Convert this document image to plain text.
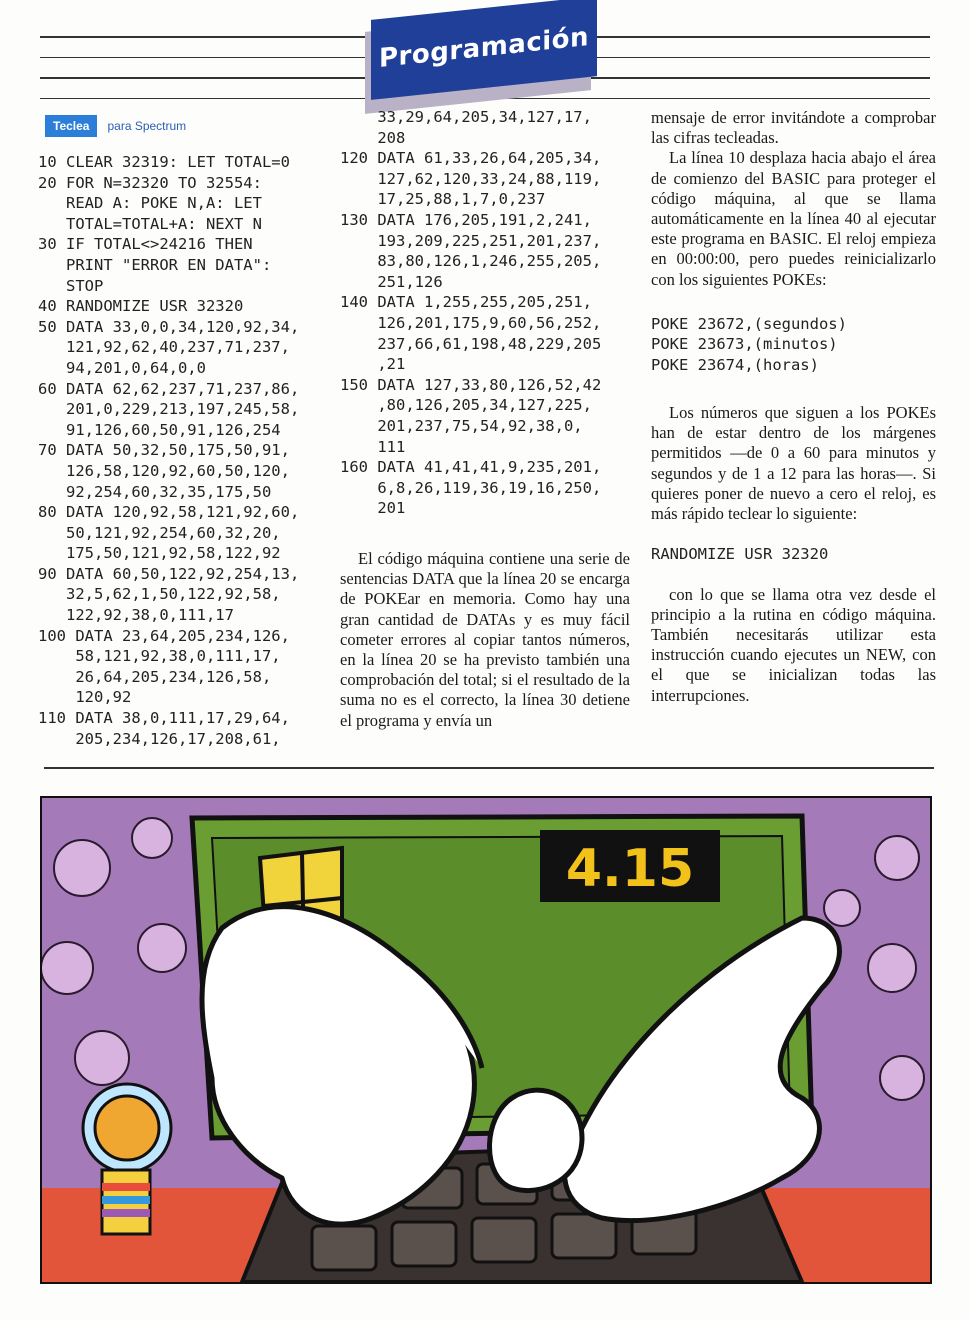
Programación
Teclea	para Spectrum
10 CLEAR 32319: LET TOTAL=0
20 FOR N=32320 TO 32554:
READ A: POKE N,A: LET
TOTAL=TOTAL+A: NEXT N
30 IF TOTAL<>24216 THEN
PRINT "ERROR EN DATA":
STOP
40 RANDOMIZE USR 32320
50 DATA 33,0,0,34,120,92,34,
121,92,62,40,237,71,237,
94,201,0,64,0,0
60 DATA 62,62,237,71,237,86,
201,0,229,213,197,245,58,
91,126,60,50,91,126,254
70 DATA 50,32,50,175,50,91,
126,58,120,92,60,50,120,
92,254,60,32,35,175,50
80 DATA 120,92,58,121,92,60,
50,121,92,254,60,32,20,
175,50,121,92,58,122,92
90 DATA 60,50,122,92,254,13,
32,5,62,1,50,122,92,58,
122,92,38,0,111,17
100 DATA 23,64,205,234,126,
58,121,92,38,0,111,17,
26,64,205,234,126,58,
120,92
110 DATA 38,0,111,17,29,64,
205,234,126,17,208,61,
33,29,64,205,34,127,17,
208
120 DATA 61,33,26,64,205,34,
127,62,120,33,24,88,119,
17,25,88,1,7,0,237
130 DATA 176,205,191,2,241,
193,209,225,251,201,237,
83,80,126,1,246,255,205,
251,126
140 DATA 1,255,255,205,251,
126,201,175,9,60,56,252,
237,66,61,198,48,229,205
,21
150 DATA 127,33,80,126,52,42
,80,126,205,34,127,225,
201,237,75,54,92,38,0,
111
160 DATA 41,41,41,9,235,201,
6,8,26,119,36,19,16,250,
201

El código máquina contiene una serie de sentencias DATA que la línea 20 se encarga de POKEar en memoria. Como hay una gran cantidad de DATAs y es muy fácil cometer errores al copiar tantos números, en la línea 20 se ha previsto también una comprobación del total; si el resultado de la suma no es el correcto, la línea 30 detiene el programa y envía un

mensaje de error invitándote a comprobar las cifras tecleadas.

La línea 10 desplaza hacia abajo el área de comienzo del BASIC para proteger el código máquina, al que se llama automáticamente en la línea 40 al ejecutar este programa en BASIC. El reloj empieza en 00:00:00, pero puedes reinicializarlo con los siguientes POKEs:

POKE 23672,(segundos)
POKE 23673,(minutos)
POKE 23674,(horas)

Los números que siguen a los POKEs han de estar dentro de los márgenes permitidos —de 0 a 60 para minutos y segundos y de 1 a 12 para las horas—. Si quieres poner de nuevo a cero el reloj, es más rápido teclear lo siguiente:

RANDOMIZE USR 32320

con lo que se llama otra vez desde el principio a la rutina en código máquina. También necesitarás utilizar esta instrucción cuando ejecutes un NEW, con el que se inicializan todas las interrupciones.

4.15
